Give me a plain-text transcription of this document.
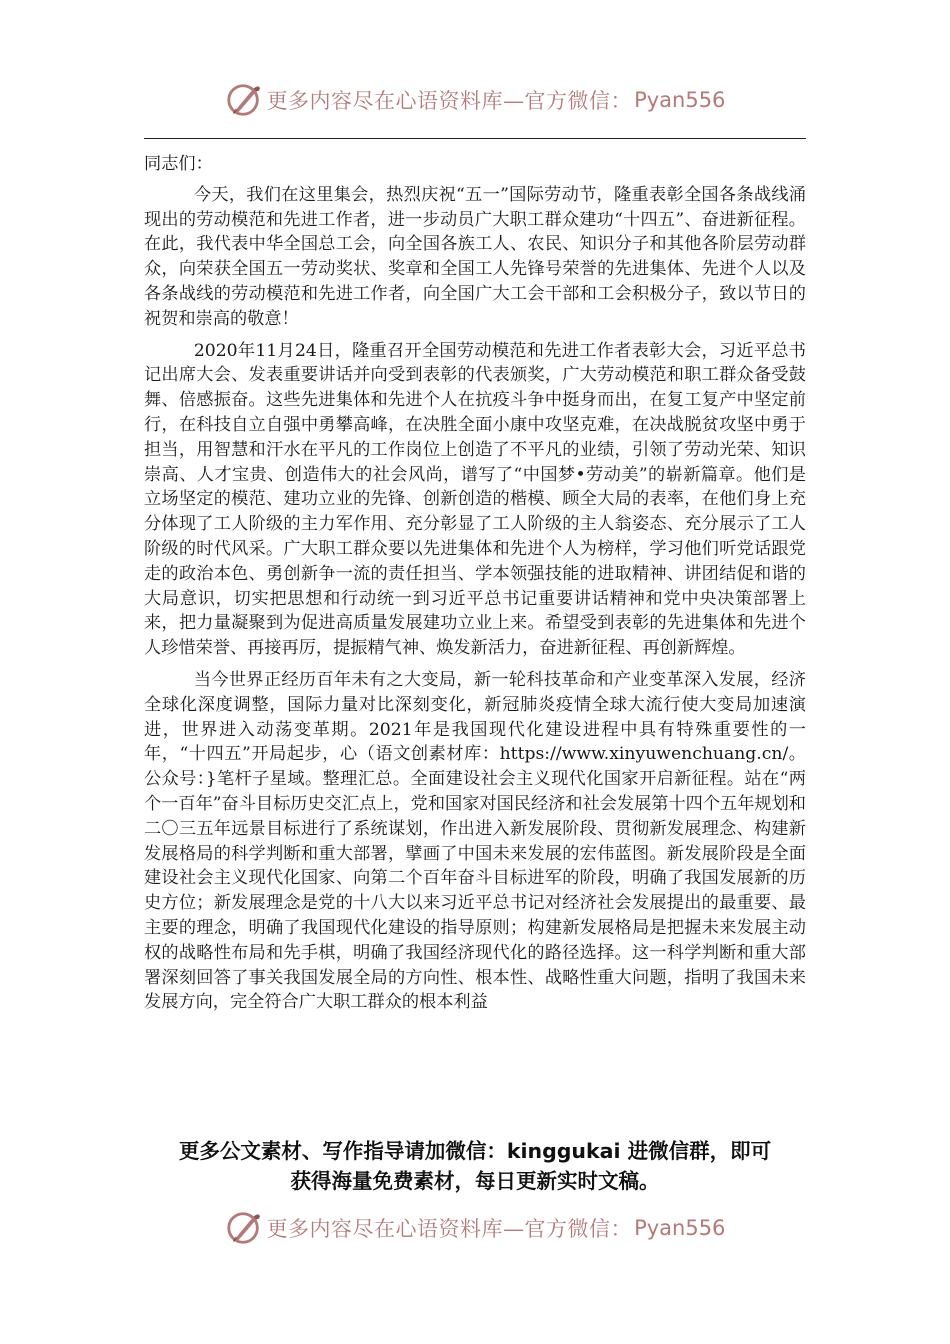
更多内容尽在心语资料库—官方微信： Pyan556

同志们：

今天，我们在这里集会，热烈庆祝“五一”国际劳动节，隆重表彰全国各条战线涌现出的劳动模范和先进工作者，进一步动员广大职工群众建功“十四五”、奋进新征程。在此，我代表中华全国总工会，向全国各族工人、农民、知识分子和其他各阶层劳动群众，向荣获全国五一劳动奖状、奖章和全国工人先锋号荣誉的先进集体、先进个人以及各条战线的劳动模范和先进工作者，向全国广大工会干部和工会积极分子，致以节日的祝贺和崇高的敬意！

2020年11月24日，隆重召开全国劳动模范和先进工作者表彰大会，习近平总书记出席大会、发表重要讲话并向受到表彰的代表颁奖，广大劳动模范和职工群众备受鼓舞、倍感振奋。这些先进集体和先进个人在抗疫斗争中挺身而出，在复工复产中坚定前行，在科技自立自强中勇攀高峰，在决胜全面小康中攻坚克难，在决战脱贫攻坚中勇于担当，用智慧和汗水在平凡的工作岗位上创造了不平凡的业绩，引领了劳动光荣、知识崇高、人才宝贵、创造伟大的社会风尚，谱写了“中国梦•劳动美”的崭新篇章。他们是立场坚定的模范、建功立业的先锋、创新创造的楷模、顾全大局的表率，在他们身上充分体现了工人阶级的主力军作用、充分彰显了工人阶级的主人翁姿态、充分展示了工人阶级的时代风采。广大职工群众要以先进集体和先进个人为榜样，学习他们听党话跟党走的政治本色、勇创新争一流的责任担当、学本领强技能的进取精神、讲团结促和谐的大局意识，切实把思想和行动统一到习近平总书记重要讲话精神和党中央决策部署上来，把力量凝聚到为促进高质量发展建功立业上来。希望受到表彰的先进集体和先进个人珍惜荣誉、再接再厉，提振精气神、焕发新活力，奋进新征程、再创新辉煌。

当今世界正经历百年未有之大变局，新一轮科技革命和产业变革深入发展，经济全球化深度调整，国际力量对比深刻变化，新冠肺炎疫情全球大流行使大变局加速演进，世界进入动荡变革期。2021年是我国现代化建设进程中具有特殊重要性的一年，“十四五”开局起步，心（语文创素材库：https://www.xinyuwenchuang.cn/。公众号：}笔杆子星域。整理汇总。全面建设社会主义现代化国家开启新征程。站在“两个一百年”奋斗目标历史交汇点上，党和国家对国民经济和社会发展第十四个五年规划和二〇三五年远景目标进行了系统谋划，作出进入新发展阶段、贯彻新发展理念、构建新发展格局的科学判断和重大部署，擘画了中国未来发展的宏伟蓝图。新发展阶段是全面建设社会主义现代化国家、向第二个百年奋斗目标进军的阶段，明确了我国发展新的历史方位；新发展理念是党的十八大以来习近平总书记对经济社会发展提出的最重要、最主要的理念，明确了我国现代化建设的指导原则；构建新发展格局是把握未来发展主动权的战略性布局和先手棋，明确了我国经济现代化的路径选择。这一科学判断和重大部署深刻回答了事关我国发展全局的方向性、根本性、战略性重大问题，指明了我国未来发展方向，完全符合广大职工群众的根本利益

更多公文素材、写作指导请加微信：kinggukai 进微信群，即可
获得海量免费素材，每日更新实时文稿。
更多内容尽在心语资料库—官方微信： Pyan556
